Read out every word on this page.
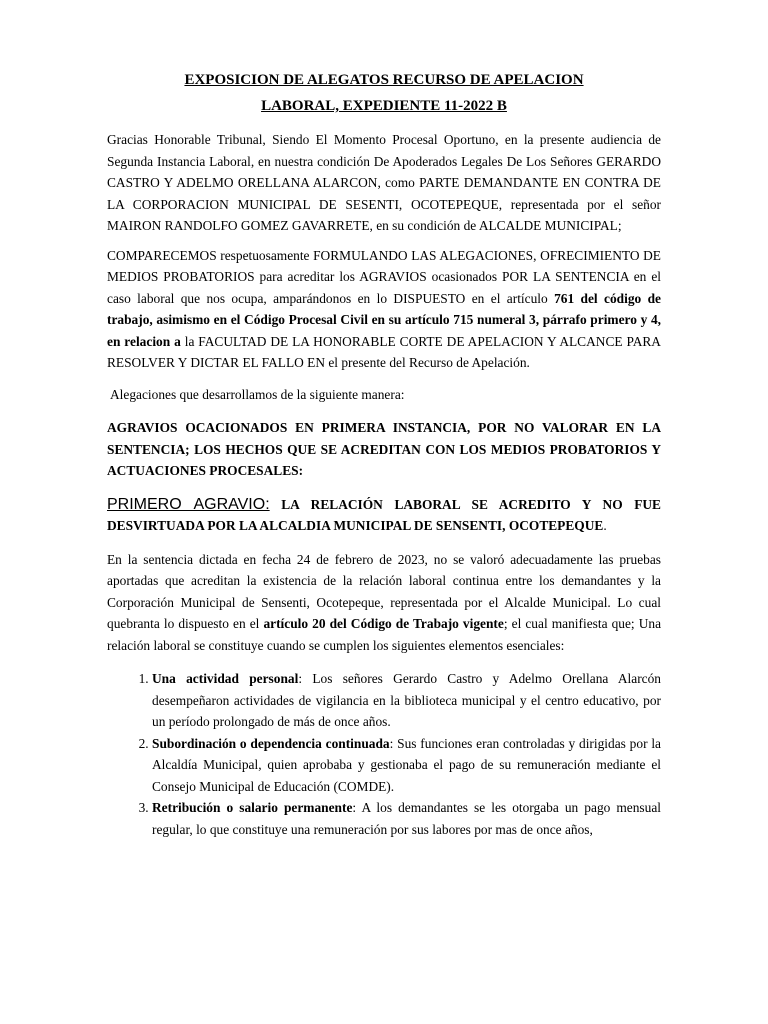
EXPOSICION DE ALEGATOS RECURSO DE APELACION

LABORAL, EXPEDIENTE 11-2022 B

Gracias Honorable Tribunal, Siendo El Momento Procesal Oportuno, en la presente audiencia de Segunda Instancia Laboral, en nuestra condición De Apoderados Legales De Los Señores GERARDO CASTRO Y ADELMO ORELLANA ALARCON, como PARTE DEMANDANTE EN CONTRA DE LA CORPORACION MUNICIPAL DE SESENTI, OCOTEPEQUE, representada por el señor MAIRON RANDOLFO GOMEZ GAVARRETE, en su condición de ALCALDE MUNICIPAL;

COMPARECEMOS respetuosamente FORMULANDO LAS ALEGACIONES, OFRECIMIENTO DE MEDIOS PROBATORIOS para acreditar los AGRAVIOS ocasionados POR LA SENTENCIA en el caso laboral que nos ocupa, amparándonos en lo DISPUESTO en el artículo 761 del código de trabajo, asimismo en el Código Procesal Civil en su artículo 715 numeral 3, párrafo primero y 4, en relacion a la FACULTAD DE LA HONORABLE CORTE DE APELACION Y ALCANCE PARA RESOLVER Y DICTAR EL FALLO EN el presente del Recurso de Apelación.

Alegaciones que desarrollamos de la siguiente manera:

AGRAVIOS OCACIONADOS EN PRIMERA INSTANCIA, POR NO VALORAR EN LA SENTENCIA; LOS HECHOS QUE SE ACREDITAN CON LOS MEDIOS PROBATORIOS Y ACTUACIONES PROCESALES:

PRIMERO AGRAVIO: LA RELACIÓN LABORAL SE ACREDITO Y NO FUE DESVIRTUADA POR LA ALCALDIA MUNICIPAL DE SENSENTI, OCOTEPEQUE.

En la sentencia dictada en fecha 24 de febrero de 2023, no se valoró adecuadamente las pruebas aportadas que acreditan la existencia de la relación laboral continua entre los demandantes y la Corporación Municipal de Sensenti, Ocotepeque, representada por el Alcalde Municipal. Lo cual quebranta lo dispuesto en el artículo 20 del Código de Trabajo vigente; el cual manifiesta que; Una relación laboral se constituye cuando se cumplen los siguientes elementos esenciales:

1. Una actividad personal: Los señores Gerardo Castro y Adelmo Orellana Alarcón desempeñaron actividades de vigilancia en la biblioteca municipal y el centro educativo, por un período prolongado de más de once años.
2. Subordinación o dependencia continuada: Sus funciones eran controladas y dirigidas por la Alcaldía Municipal, quien aprobaba y gestionaba el pago de su remuneración mediante el Consejo Municipal de Educación (COMDE).
3. Retribución o salario permanente: A los demandantes se les otorgaba un pago mensual regular, lo que constituye una remuneración por sus labores por mas de once años,
